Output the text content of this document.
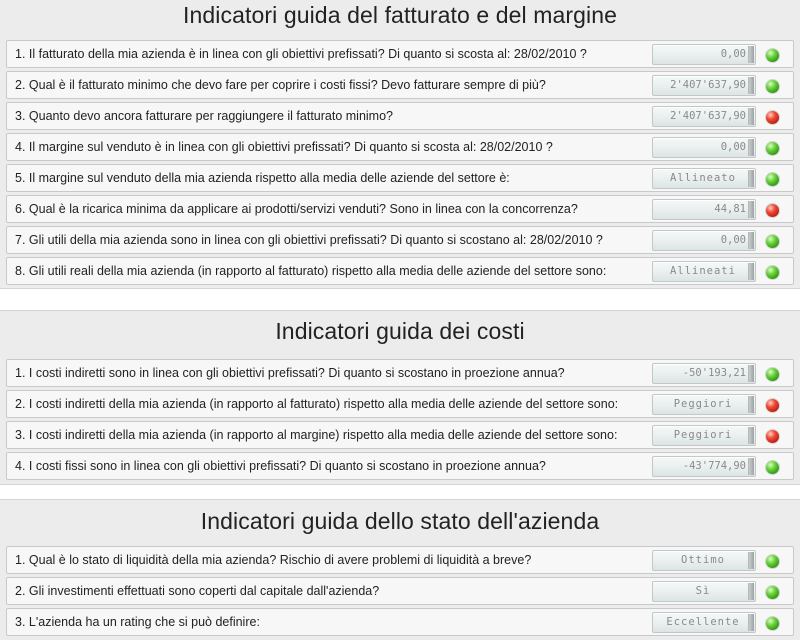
Indicatori guida del fatturato e del margine
1. Il fatturato della mia azienda è in linea con gli obiettivi prefissati? Di quanto si scosta al: 28/02/2010 ?	0,00
2. Qual è il fatturato minimo che devo fare per coprire i costi fissi? Devo fatturare sempre di più?	2'407'637,90
3. Quanto devo ancora fatturare per raggiungere il fatturato minimo?	2'407'637,90
4. Il margine sul venduto è in linea con gli obiettivi prefissati? Di quanto si scosta al: 28/02/2010 ?	0,00
5. Il margine sul venduto della mia azienda rispetto alla media delle aziende del settore è:	Allineato
6. Qual è la ricarica minima da applicare ai prodotti/servizi venduti? Sono in linea con la concorrenza?	44,81
7. Gli utili della mia azienda sono in linea con gli obiettivi prefissati? Di quanto si scostano al: 28/02/2010 ?	0,00
8. Gli utili reali della mia azienda (in rapporto al fatturato) rispetto alla media delle aziende del settore sono:	Allineati
Indicatori guida dei costi
1. I costi indiretti sono in linea con gli obiettivi prefissati? Di quanto si scostano in proezione annua?	-50'193,21
2. I costi indiretti della mia azienda (in rapporto al fatturato) rispetto alla media delle aziende del settore sono:	Peggiori
3. I costi indiretti della mia azienda (in rapporto al margine) rispetto alla media delle aziende del settore sono:	Peggiori
4. I costi fissi sono in linea con gli obiettivi prefissati? Di quanto si scostano in proezione annua?	-43'774,90
Indicatori guida dello stato dell'azienda
1. Qual è lo stato di liquidità della mia azienda? Rischio di avere problemi di liquidità a breve?	Ottimo
2. Gli investimenti effettuati sono coperti dal capitale dall'azienda?	Sì
3. L'azienda ha un rating che si può definire:	Eccellente
